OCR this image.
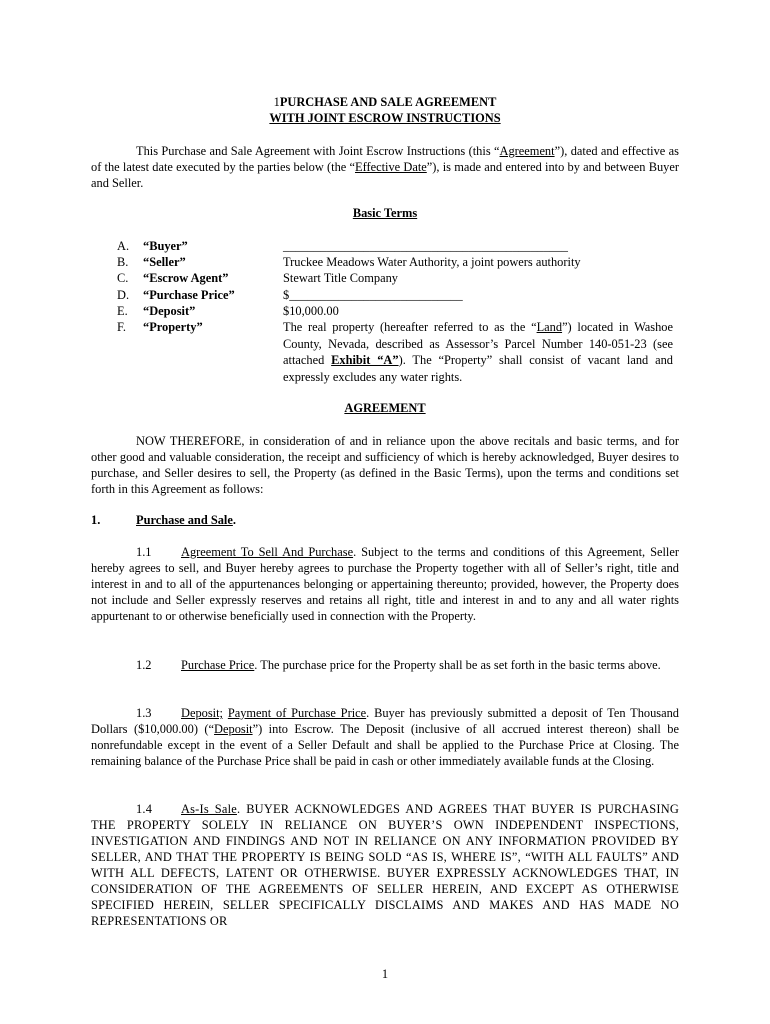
1PURCHASE AND SALE AGREEMENT
WITH JOINT ESCROW INSTRUCTIONS

This Purchase and Sale Agreement with Joint Escrow Instructions (this “Agreement”), dated and effective as of the latest date executed by the parties below (the “Effective Date”), is made and entered into by and between Buyer and Seller.

Basic Terms
A.	“Buyer”	______________________________________________
B.	“Seller”	Truckee Meadows Water Authority, a joint powers authority
C.	“Escrow Agent”	Stewart Title Company
D.	“Purchase Price”	$____________________________
E.	“Deposit”	$10,000.00
F.	“Property”	The real property (hereafter referred to as the “Land”) located in Washoe County, Nevada, described as Assessor’s Parcel Number 140-051-23 (see attached Exhibit “A”). The “Property” shall consist of vacant land and expressly excludes any water rights.

AGREEMENT

NOW THEREFORE, in consideration of and in reliance upon the above recitals and basic terms, and for other good and valuable consideration, the receipt and sufficiency of which is hereby acknowledged, Buyer desires to purchase, and Seller desires to sell, the Property (as defined in the Basic Terms), upon the terms and conditions set forth in this Agreement as follows:

1.	Purchase and Sale.

1.1 Agreement To Sell And Purchase. Subject to the terms and conditions of this Agreement, Seller hereby agrees to sell, and Buyer hereby agrees to purchase the Property together with all of Seller’s right, title and interest in and to all of the appurtenances belonging or appertaining thereunto; provided, however, the Property does not include and Seller expressly reserves and retains all right, title and interest in and to any and all water rights appurtenant to or otherwise beneficially used in connection with the Property.

1.2 Purchase Price. The purchase price for the Property shall be as set forth in the basic terms above.

1.3 Deposit; Payment of Purchase Price. Buyer has previously submitted a deposit of Ten Thousand Dollars ($10,000.00) (“Deposit”) into Escrow. The Deposit (inclusive of all accrued interest thereon) shall be nonrefundable except in the event of a Seller Default and shall be applied to the Purchase Price at Closing. The remaining balance of the Purchase Price shall be paid in cash or other immediately available funds at the Closing.

1.4 As-Is Sale. BUYER ACKNOWLEDGES AND AGREES THAT BUYER IS PURCHASING THE PROPERTY SOLELY IN RELIANCE ON BUYER’S OWN INDEPENDENT INSPECTIONS, INVESTIGATION AND FINDINGS AND NOT IN RELIANCE ON ANY INFORMATION PROVIDED BY SELLER, AND THAT THE PROPERTY IS BEING SOLD “AS IS, WHERE IS”, “WITH ALL FAULTS” AND WITH ALL DEFECTS, LATENT OR OTHERWISE. BUYER EXPRESSLY ACKNOWLEDGES THAT, IN CONSIDERATION OF THE AGREEMENTS OF SELLER HEREIN, AND EXCEPT AS OTHERWISE SPECIFIED HEREIN, SELLER SPECIFICALLY DISCLAIMS AND MAKES AND HAS MADE NO REPRESENTATIONS OR

1
